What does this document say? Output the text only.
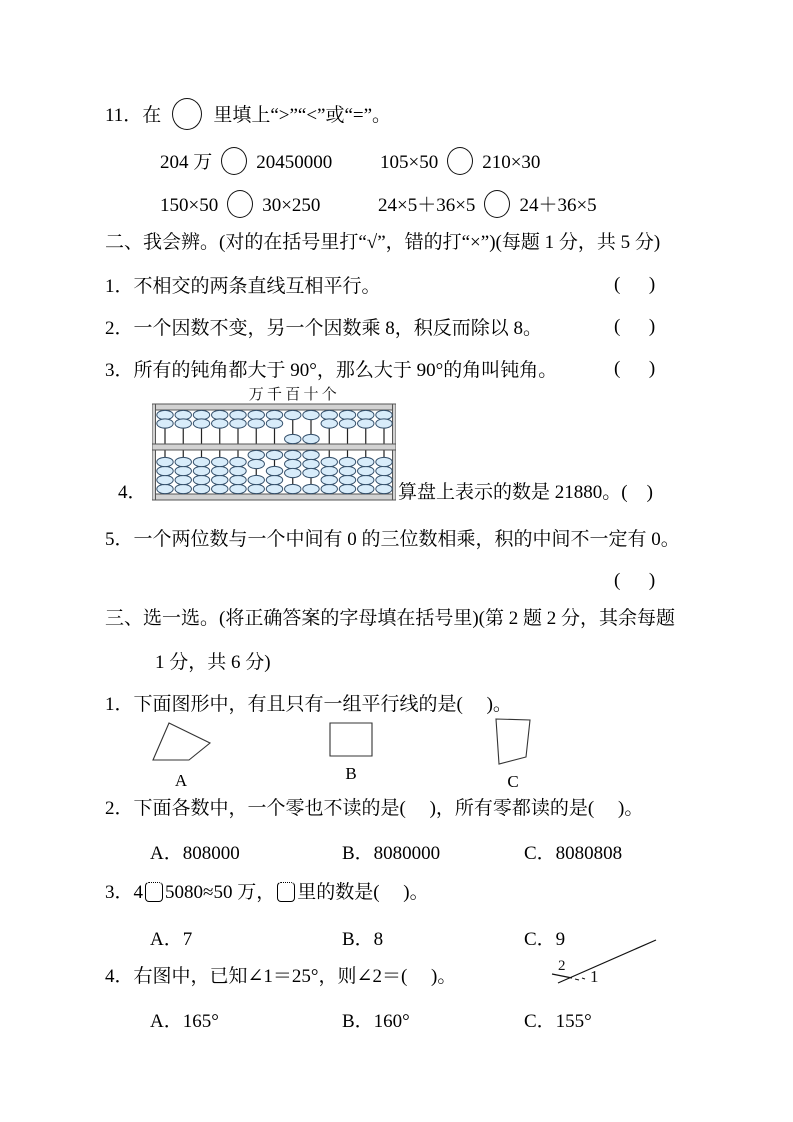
11．在	里填上“>”“<”或“=”。
204 万 20450000	105×50 210×30
150×50 30×250	24×5＋36×5 24＋36×5
二、我会辨。(对的在括号里打“√”，错的打“×”)(每题 1 分，共 5 分)
1．不相交的两条直线互相平行。	(      )
2．一个因数不变，另一个因数乘 8，积反而除以 8。	(      )
3．所有的钝角都大于 90°，那么大于 90°的角叫钝角。	(      )
4．
万 千 百 十 个
算盘上表示的数是 21880。(    )
5．一个两位数与一个中间有 0 的三位数相乘，积的中间不一定有 0。
(      )
三、选一选。(将正确答案的字母填在括号里)(第 2 题 2 分，其余每题
1 分，共 6 分)
1．下面图形中，有且只有一组平行线的是(     )。
A	B	C
2．下面各数中，一个零也不读的是(     )，所有零都读的是(     )。
A．808000	B．8080000	C．8080808
3．4 5080≈50 万， 里的数是(     )。
A．7	B．8	C．9
4．右图中，已知∠1＝25°，则∠2＝(     )。	2
1
A．165°	B．160°	C．155°
